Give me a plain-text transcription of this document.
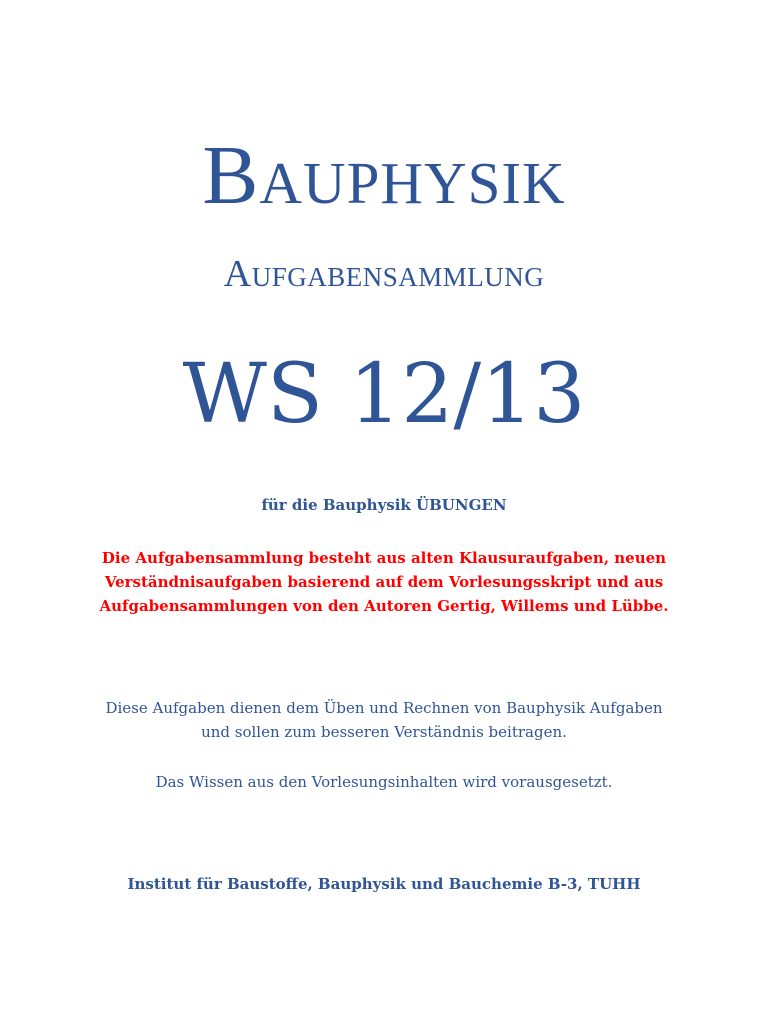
Bauphysik
Aufgabensammlung
WS 12/13
für die Bauphysik ÜBUNGEN
Die Aufgabensammlung besteht aus alten Klausuraufgaben, neuen
Verständnisaufgaben basierend auf dem Vorlesungsskript und aus
Aufgabensammlungen von den Autoren Gertig, Willems und Lübbe.
Diese Aufgaben dienen dem Üben und Rechnen von Bauphysik Aufgaben
und sollen zum besseren Verständnis beitragen.
Das Wissen aus den Vorlesungsinhalten wird vorausgesetzt.
Institut für Baustoffe, Bauphysik und Bauchemie B-3, TUHH
